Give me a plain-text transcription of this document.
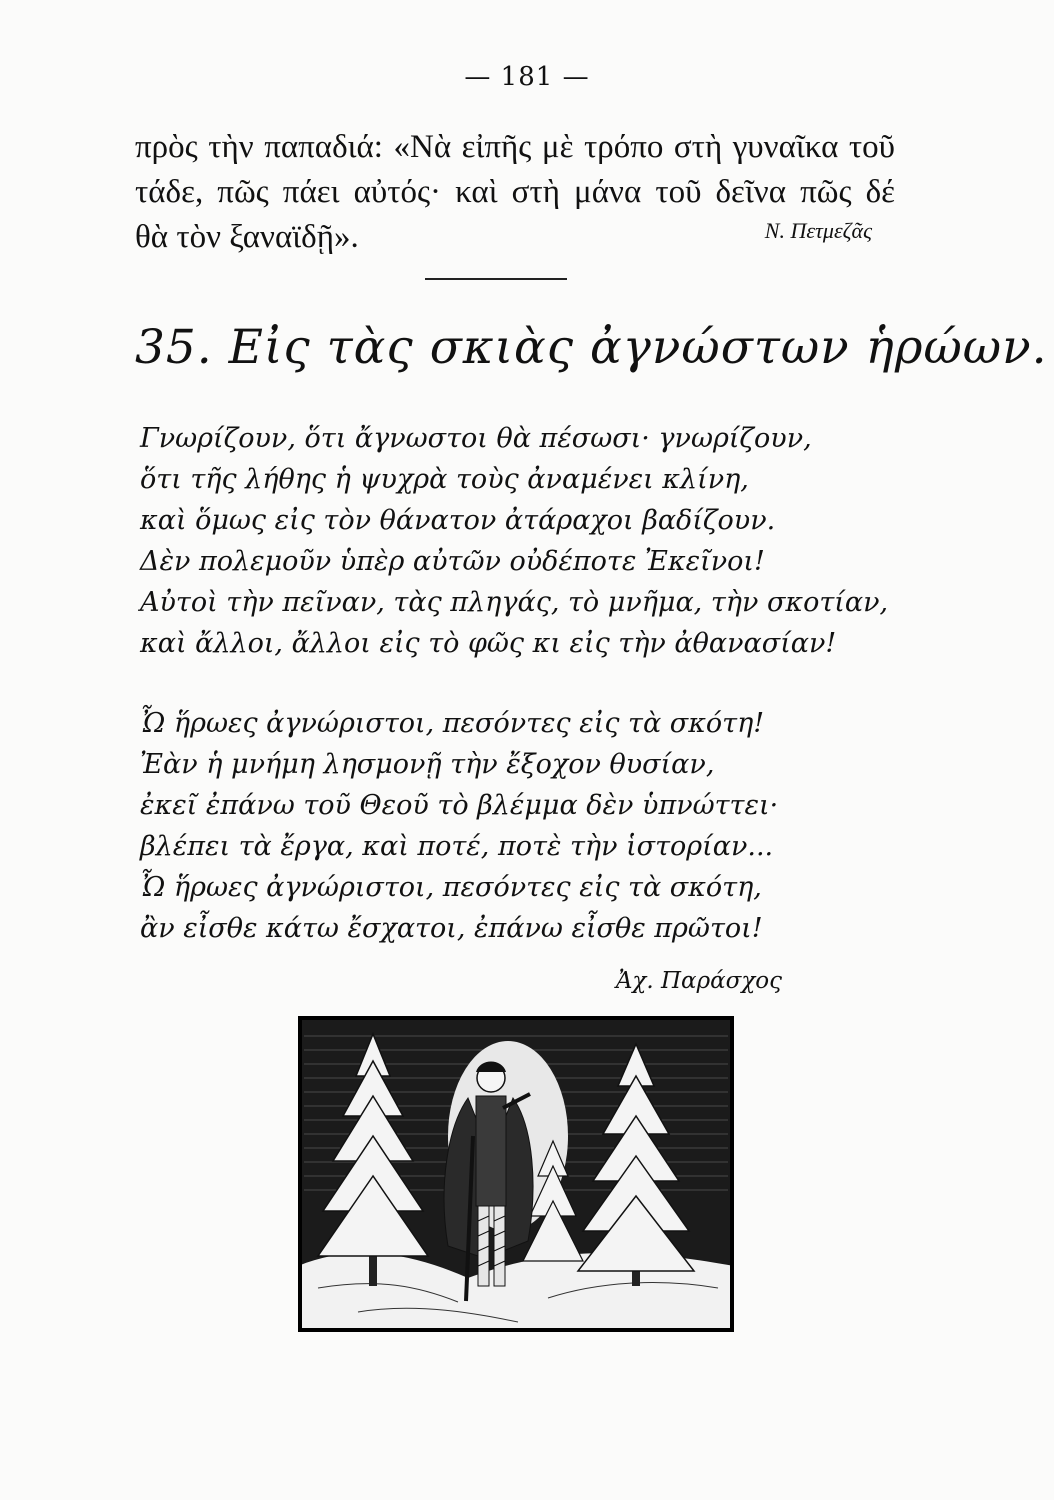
— 181 —
πρὸς τὴν παπαδιά: «Νὰ εἰπῆς μὲ τρόπο στὴ γυναῖκα τοῦ
τάδε, πῶς πάει αὐτός· καὶ στὴ μάνα τοῦ δεῖνα πῶς δέ
θὰ τὸν ξαναϊδῇ».	Ν. Πετμεζᾶς
35. Εἰς τὰς σκιὰς ἀγνώστων ἡρώων.
Γνωρίζουν, ὅτι ἄγνωστοι θὰ πέσωσι· γνωρίζουν,
ὅτι τῆς λήθης ἡ ψυχρὰ τοὺς ἀναμένει κλίνη,
καὶ ὅμως εἰς τὸν θάνατον ἀτάραχοι βαδίζουν.
Δὲν πολεμοῦν ὑπὲρ αὐτῶν οὐδέποτε Ἐκεῖνοι!
Αὐτοὶ τὴν πεῖναν, τὰς πληγάς, τὸ μνῆμα, τὴν σκοτίαν,
καὶ ἄλλοι, ἄλλοι εἰς τὸ φῶς κι εἰς τὴν ἀθανασίαν!
Ὦ ἥρωες ἀγνώριστοι, πεσόντες εἰς τὰ σκότη!
Ἐὰν ἡ μνήμη λησμονῇ τὴν ἔξοχον θυσίαν,
ἐκεῖ ἐπάνω τοῦ Θεοῦ τὸ βλέμμα δὲν ὑπνώττει·
βλέπει τὰ ἔργα, καὶ ποτέ, ποτὲ τὴν ἱστορίαν...
Ὦ ἥρωες ἀγνώριστοι, πεσόντες εἰς τὰ σκότη,
ἂν εἶσθε κάτω ἔσχατοι, ἐπάνω εἶσθε πρῶτοι!
Ἀχ. Παράσχος
